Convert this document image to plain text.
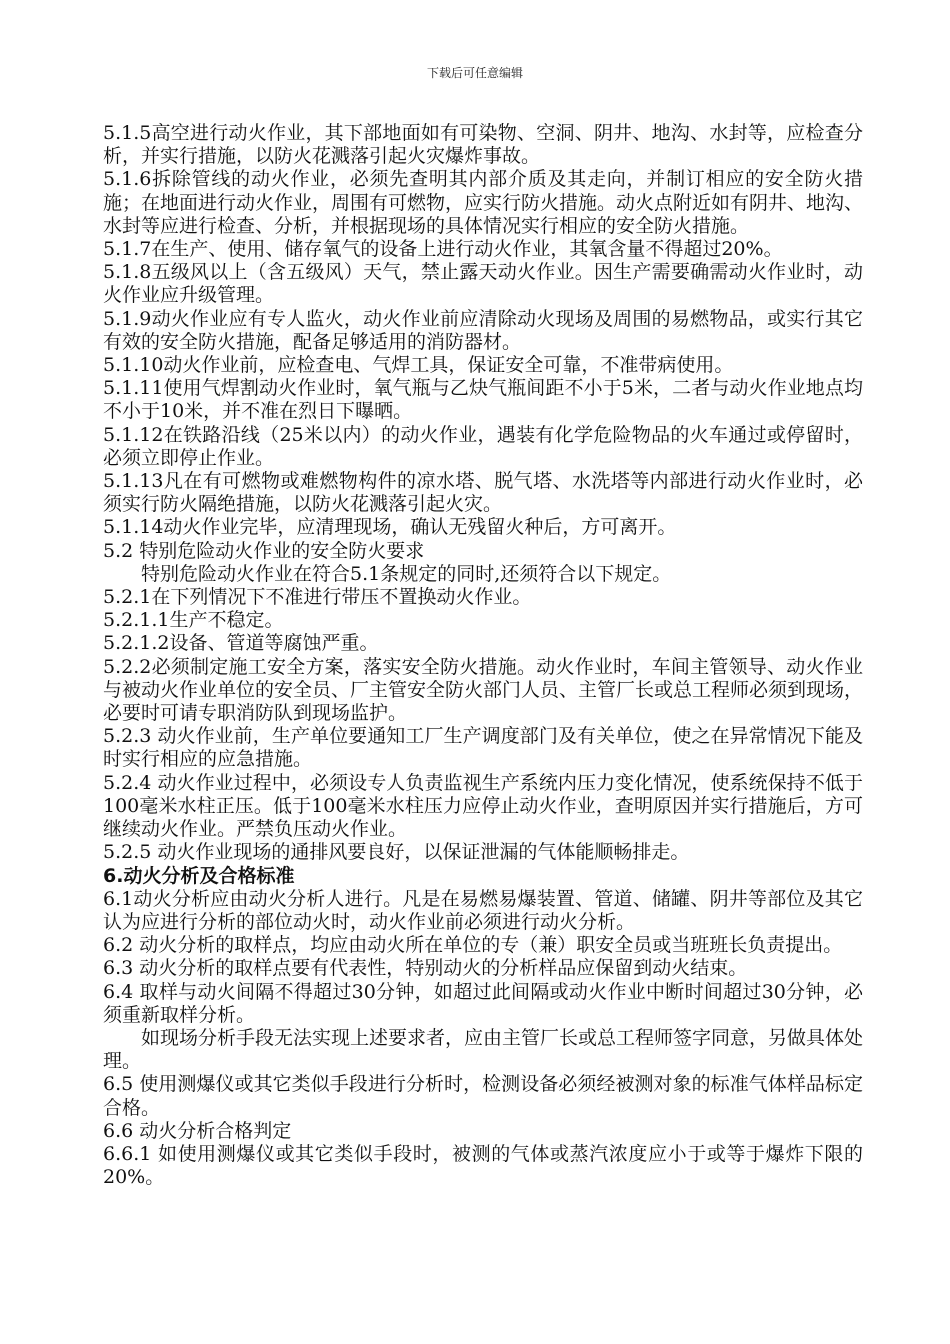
下载后可任意编辑

5.1.5高空进行动火作业，其下部地面如有可染物、空洞、阴井、地沟、水封等，应检查分析，并实行措施，以防火花溅落引起火灾爆炸事故。

5.1.6拆除管线的动火作业，必须先查明其内部介质及其走向，并制订相应的安全防火措施；在地面进行动火作业，周围有可燃物，应实行防火措施。动火点附近如有阴井、地沟、水封等应进行检查、分析，并根据现场的具体情况实行相应的安全防火措施。

5.1.7在生产、使用、储存氧气的设备上进行动火作业，其氧含量不得超过20%。

5.1.8五级风以上（含五级风）天气，禁止露天动火作业。因生产需要确需动火作业时，动火作业应升级管理。

5.1.9动火作业应有专人监火，动火作业前应清除动火现场及周围的易燃物品，或实行其它有效的安全防火措施，配备足够适用的消防器材。

5.1.10动火作业前，应检查电、气焊工具，保证安全可靠，不准带病使用。

5.1.11使用气焊割动火作业时，氧气瓶与乙炔气瓶间距不小于5米，二者与动火作业地点均不小于10米，并不准在烈日下曝晒。

5.1.12在铁路沿线（25米以内）的动火作业，遇装有化学危险物品的火车通过或停留时，必须立即停止作业。

5.1.13凡在有可燃物或难燃物构件的凉水塔、脱气塔、水洗塔等内部进行动火作业时，必须实行防火隔绝措施，以防火花溅落引起火灾。

5.1.14动火作业完毕，应清理现场，确认无残留火种后，方可离开。

5.2 特别危险动火作业的安全防火要求

特别危险动火作业在符合5.1条规定的同时,还须符合以下规定。

5.2.1在下列情况下不准进行带压不置换动火作业。

5.2.1.1生产不稳定。

5.2.1.2设备、管道等腐蚀严重。

5.2.2必须制定施工安全方案，落实安全防火措施。动火作业时，车间主管领导、动火作业与被动火作业单位的安全员、厂主管安全防火部门人员、主管厂长或总工程师必须到现场，必要时可请专职消防队到现场监护。

5.2.3 动火作业前，生产单位要通知工厂生产调度部门及有关单位，使之在异常情况下能及时实行相应的应急措施。

5.2.4 动火作业过程中，必须设专人负责监视生产系统内压力变化情况，使系统保持不低于100毫米水柱正压。低于100毫米水柱压力应停止动火作业，查明原因并实行措施后，方可继续动火作业。严禁负压动火作业。

5.2.5 动火作业现场的通排风要良好，以保证泄漏的气体能顺畅排走。

6.动火分析及合格标准

6.1动火分析应由动火分析人进行。凡是在易燃易爆装置、管道、储罐、阴井等部位及其它认为应进行分析的部位动火时，动火作业前必须进行动火分析。

6.2 动火分析的取样点，均应由动火所在单位的专（兼）职安全员或当班班长负责提出。

6.3 动火分析的取样点要有代表性，特别动火的分析样品应保留到动火结束。

6.4 取样与动火间隔不得超过30分钟，如超过此间隔或动火作业中断时间超过30分钟，必须重新取样分析。

如现场分析手段无法实现上述要求者，应由主管厂长或总工程师签字同意，另做具体处理。

6.5 使用测爆仪或其它类似手段进行分析时，检测设备必须经被测对象的标准气体样品标定合格。

6.6 动火分析合格判定

6.6.1 如使用测爆仪或其它类似手段时，被测的气体或蒸汽浓度应小于或等于爆炸下限的20%。
